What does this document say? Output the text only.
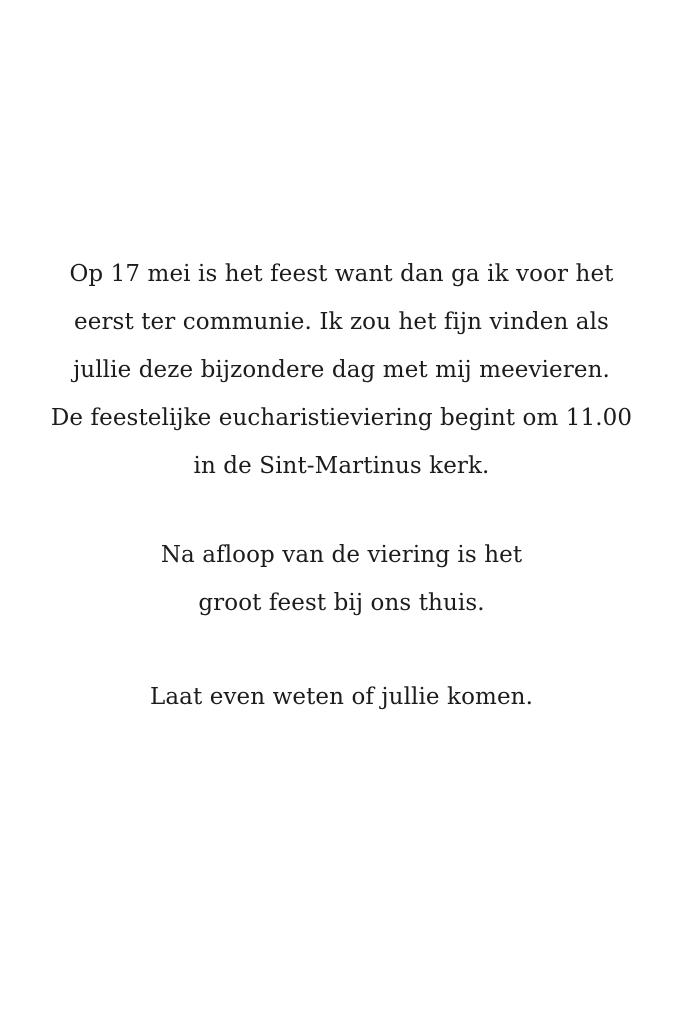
Op 17 mei is het feest want dan ga ik voor het
eerst ter communie. Ik zou het fijn vinden als
jullie deze bijzondere dag met mij meevieren.
De feestelijke eucharistieviering begint om 11.00
in de Sint-Martinus kerk.
Na afloop van de viering is het
groot feest bij ons thuis.
Laat even weten of jullie komen.
